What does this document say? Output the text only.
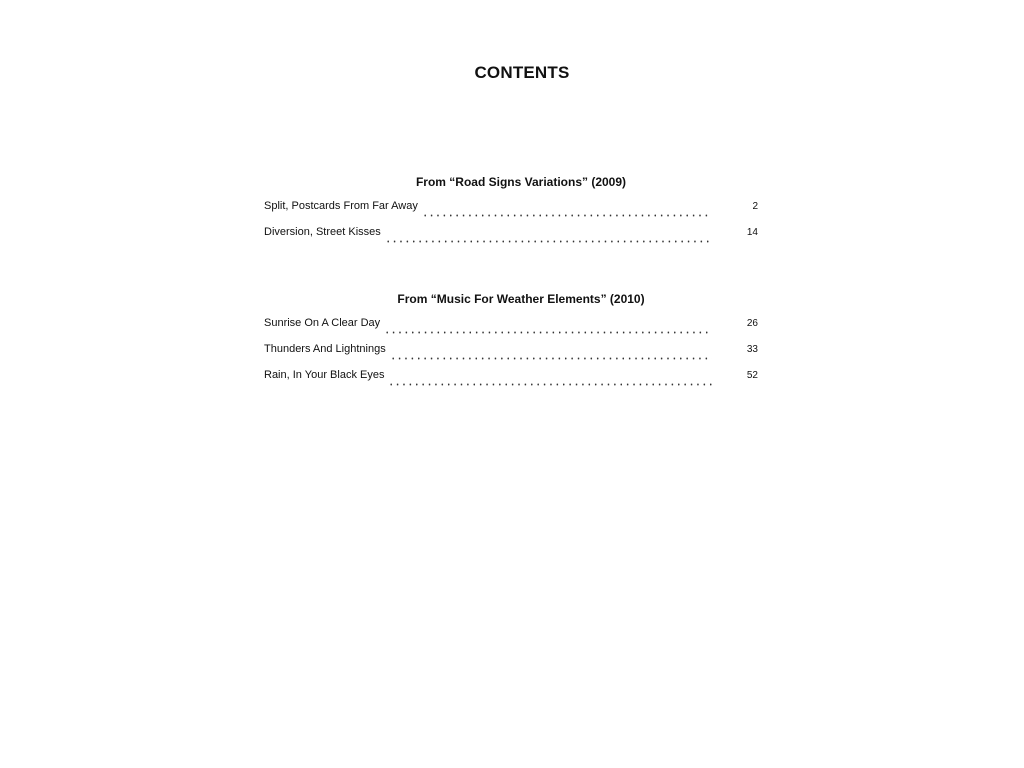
CONTENTS
From “Road Signs Variations” (2009)
Split, Postcards From Far Away	2
Diversion, Street Kisses	14
From “Music For Weather Elements” (2010)
Sunrise On A Clear Day	26
Thunders And Lightnings	33
Rain, In Your Black Eyes	52
